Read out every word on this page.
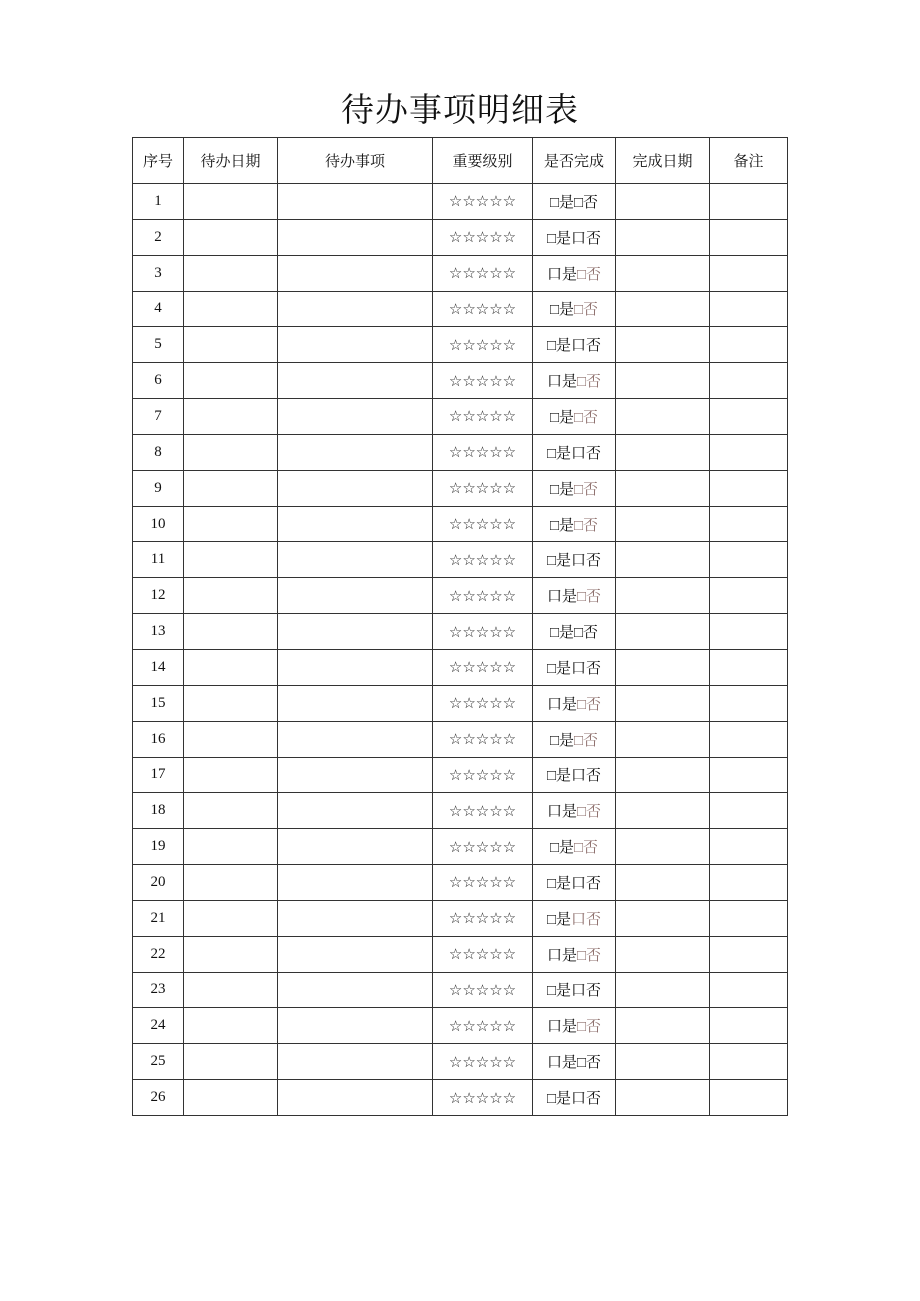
待办事项明细表
序号	待办日期	待办事项	重要级别	是否完成	完成日期	备注
1			☆☆☆☆☆	□是□否		
2			☆☆☆☆☆	□是口否		
3			☆☆☆☆☆	口是□否		
4			☆☆☆☆☆	□是□否		
5			☆☆☆☆☆	□是口否		
6			☆☆☆☆☆	口是□否		
7			☆☆☆☆☆	□是□否		
8			☆☆☆☆☆	□是口否		
9			☆☆☆☆☆	□是□否		
10			☆☆☆☆☆	□是□否		
11			☆☆☆☆☆	□是口否		
12			☆☆☆☆☆	口是□否		
13			☆☆☆☆☆	□是□否		
14			☆☆☆☆☆	□是口否		
15			☆☆☆☆☆	口是□否		
16			☆☆☆☆☆	□是□否		
17			☆☆☆☆☆	□是口否		
18			☆☆☆☆☆	口是□否		
19			☆☆☆☆☆	□是□否		
20			☆☆☆☆☆	□是口否		
21			☆☆☆☆☆	□是口否		
22			☆☆☆☆☆	口是□否		
23			☆☆☆☆☆	□是口否		
24			☆☆☆☆☆	口是□否		
25			☆☆☆☆☆	口是□否		
26			☆☆☆☆☆	□是口否		
